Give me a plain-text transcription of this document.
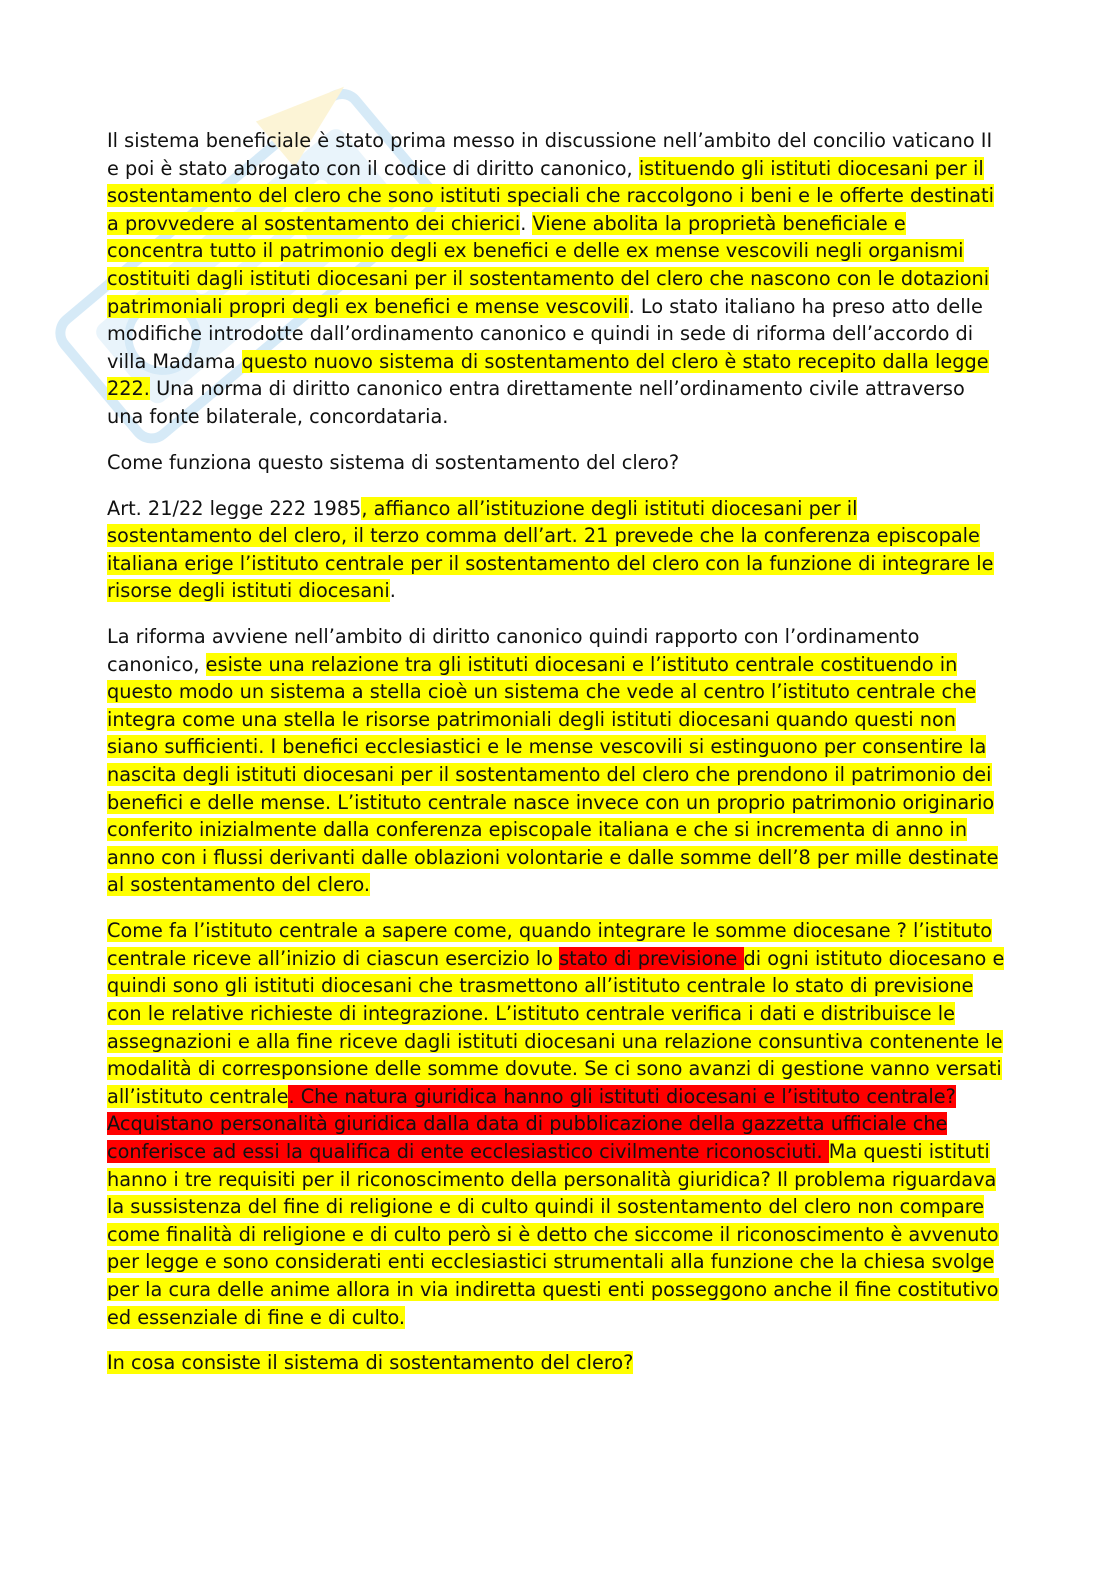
Il sistema beneficiale è stato prima messo in discussione nell’ambito del concilio vaticano II e poi è stato abrogato con il codice di diritto canonico, istituendo gli istituti diocesani per il sostentamento del clero che sono istituti speciali che raccolgono i beni e le offerte destinati a provvedere al sostentamento dei chierici. Viene abolita la proprietà beneficiale e concentra tutto il patrimonio degli ex benefici e delle ex mense vescovili negli organismi costituiti dagli istituti diocesani per il sostentamento del clero che nascono con le dotazioni patrimoniali propri degli ex benefici e mense vescovili. Lo stato italiano ha preso atto delle modifiche introdotte dall’ordinamento canonico e quindi in sede di riforma dell’accordo di villa Madama questo nuovo sistema di sostentamento del clero è stato recepito dalla legge 222. Una norma di diritto canonico entra direttamente nell’ordinamento civile attraverso una fonte bilaterale, concordataria.

Come funziona questo sistema di sostentamento del clero?

Art. 21/22 legge 222 1985, affianco all’istituzione degli istituti diocesani per il sostentamento del clero, il terzo comma dell’art. 21 prevede che la conferenza episcopale italiana erige l’istituto centrale per il sostentamento del clero con la funzione di integrare le risorse degli istituti diocesani.

La riforma avviene nell’ambito di diritto canonico quindi rapporto con l’ordinamento canonico, esiste una relazione tra gli istituti diocesani e l’istituto centrale costituendo in questo modo un sistema a stella cioè un sistema che vede al centro l’istituto centrale che integra come una stella le risorse patrimoniali degli istituti diocesani quando questi non siano sufficienti. I benefici ecclesiastici e le mense vescovili si estinguono per consentire la nascita degli istituti diocesani per il sostentamento del clero che prendono il patrimonio dei benefici e delle mense. L’istituto centrale nasce invece con un proprio patrimonio originario conferito inizialmente dalla conferenza episcopale italiana e che si incrementa di anno in anno con i flussi derivanti dalle oblazioni volontarie e dalle somme dell’8 per mille destinate al sostentamento del clero.

Come fa l’istituto centrale a sapere come, quando integrare le somme diocesane ? l’istituto centrale riceve all’inizio di ciascun esercizio lo stato di previsione di ogni istituto diocesano e quindi sono gli istituti diocesani che trasmettono all’istituto centrale lo stato di previsione con le relative richieste di integrazione. L’istituto centrale verifica i dati e distribuisce le assegnazioni e alla fine riceve dagli istituti diocesani una relazione consuntiva contenente le modalità di corresponsione delle somme dovute. Se ci sono avanzi di gestione vanno versati all’istituto centrale. Che natura giuridica hanno gli istituti diocesani e l’istituto centrale? Acquistano personalità giuridica dalla data di pubblicazione della gazzetta ufficiale che conferisce ad essi la qualifica di ente ecclesiastico civilmente riconosciuti. Ma questi istituti hanno i tre requisiti per il riconoscimento della personalità giuridica? Il problema riguardava la sussistenza del fine di religione e di culto quindi il sostentamento del clero non compare come finalità di religione e di culto però si è detto che siccome il riconoscimento è avvenuto per legge e sono considerati enti ecclesiastici strumentali alla funzione che la chiesa svolge per la cura delle anime allora in via indiretta questi enti posseggono anche il fine costitutivo ed essenziale di fine e di culto.

In cosa consiste il sistema di sostentamento del clero?
